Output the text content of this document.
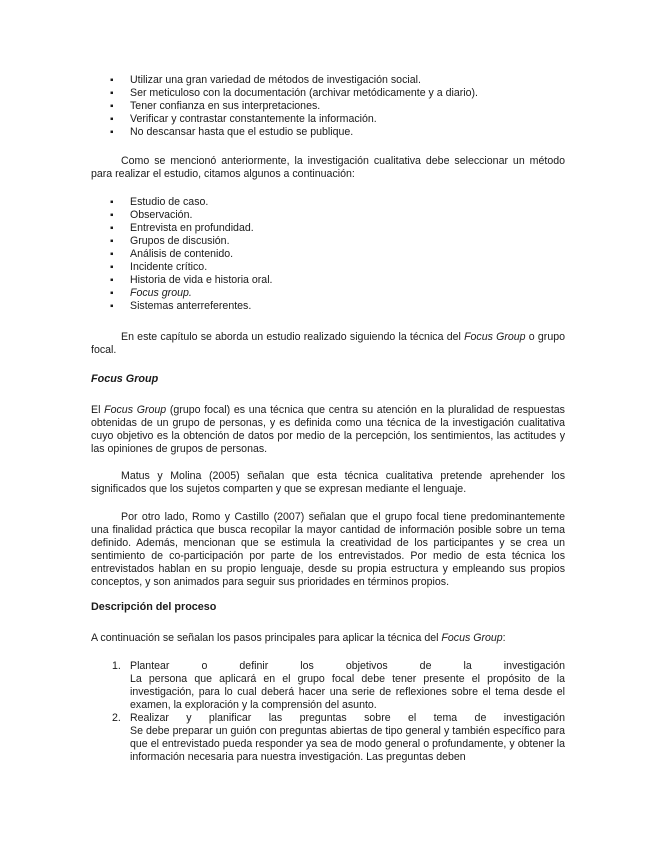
▪ Utilizar una gran variedad de métodos de investigación social.
▪ Ser meticuloso con la documentación (archivar metódicamente y a diario).
▪ Tener confianza en sus interpretaciones.
▪ Verificar y contrastar constantemente la información.
▪ No descansar hasta que el estudio se publique.

Como se mencionó anteriormente, la investigación cualitativa debe seleccionar un método para realizar el estudio, citamos algunos a continuación:

▪ Estudio de caso.
▪ Observación.
▪ Entrevista en profundidad.
▪ Grupos de discusión.
▪ Análisis de contenido.
▪ Incidente crítico.
▪ Historia de vida e historia oral.
▪ Focus group.
▪ Sistemas anterreferentes.

En este capítulo se aborda un estudio realizado siguiendo la técnica del Focus Group o grupo focal.

Focus Group

El Focus Group (grupo focal) es una técnica que centra su atención en la pluralidad de respuestas obtenidas de un grupo de personas, y es definida como una técnica de la investigación cualitativa cuyo objetivo es la obtención de datos por medio de la percepción, los sentimientos, las actitudes y las opiniones de grupos de personas.

Matus y Molina (2005) señalan que esta técnica cualitativa pretende aprehender los significados que los sujetos comparten y que se expresan mediante el lenguaje.

Por otro lado, Romo y Castillo (2007) señalan que el grupo focal tiene predominantemente una finalidad práctica que busca recopilar la mayor cantidad de información posible sobre un tema definido. Además, mencionan que se estimula la creatividad de los participantes y se crea un sentimiento de co-participación por parte de los entrevistados. Por medio de esta técnica los entrevistados hablan en su propio lenguaje, desde su propia estructura y empleando sus propios conceptos, y son animados para seguir sus prioridades en términos propios.

Descripción del proceso

A continuación se señalan los pasos principales para aplicar la técnica del Focus Group:

1. Plantear	o	definir	los	objetivos	de	la	investigación

La persona que aplicará en el grupo focal debe tener presente el propósito de la investigación, para lo cual deberá hacer una serie de reflexiones sobre el tema desde el examen, la exploración y la comprensión del asunto.

2. Realizar y planificar las preguntas sobre el tema de investigación

Se debe preparar un guión con preguntas abiertas de tipo general y también específico para que el entrevistado pueda responder ya sea de modo general o profundamente, y obtener la información necesaria para nuestra investigación. Las preguntas deben
